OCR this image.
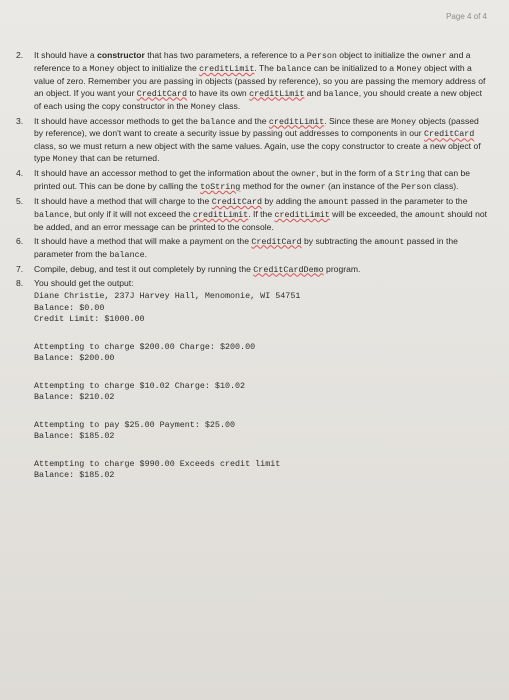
Page 4 of 4
2. It should have a constructor that has two parameters, a reference to a Person object to initialize the owner and a reference to a Money object to initialize the creditLimit. The balance can be initialized to a Money object with a value of zero. Remember you are passing in objects (passed by reference), so you are passing the memory address of an object. If you want your CreditCard to have its own creditLimit and balance, you should create a new object of each using the copy constructor in the Money class.
3. It should have accessor methods to get the balance and the creditLimit. Since these are Money objects (passed by reference), we don't want to create a security issue by passing out addresses to components in our CreditCard class, so we must return a new object with the same values. Again, use the copy constructor to create a new object of type Money that can be returned.
4. It should have an accessor method to get the information about the owner, but in the form of a String that can be printed out. This can be done by calling the toString method for the owner (an instance of the Person class).
5. It should have a method that will charge to the CreditCard by adding the amount passed in the parameter to the balance, but only if it will not exceed the creditLimit. If the creditLimit will be exceeded, the amount should not be added, and an error message can be printed to the console.
6. It should have a method that will make a payment on the CreditCard by subtracting the amount passed in the parameter from the balance.
7. Compile, debug, and test it out completely by running the CreditCardDemo program.
8. You should get the output:
Diane Christie, 237J Harvey Hall, Menomonie, WI 54751
Balance: $0.00
Credit Limit: $1000.00
Attempting to charge $200.00 Charge: $200.00
Balance: $200.00
Attempting to charge $10.02 Charge: $10.02
Balance: $210.02
Attempting to pay $25.00 Payment: $25.00
Balance: $185.02
Attempting to charge $990.00 Exceeds credit limit
Balance: $185.02
